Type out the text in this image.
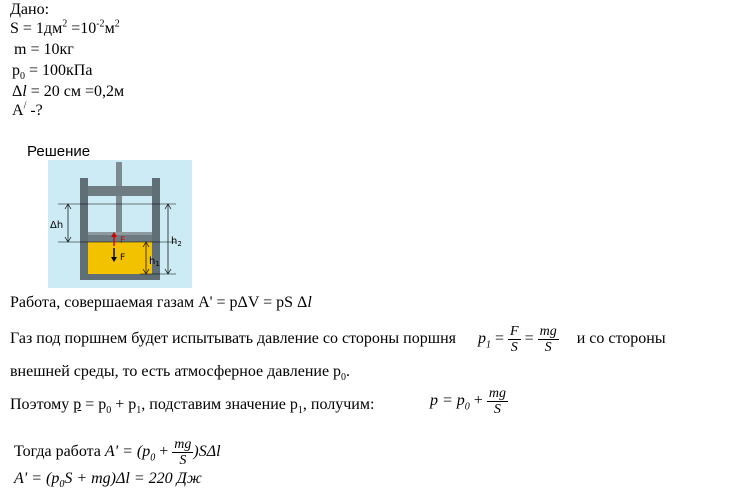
Дано:
$S = 1дм^2 =10^{-2}м^2$
m = 10кг
$p_0 = 100кПа$
Δl = 20 см =0,2м
A/ -?
Решение
Δh
F
F
$h_2$
$h_1$
Работа, совершаемая газам A' = pΔV = pS Δl
Газ под поршнем будет испытывать давление со стороны поршня $p_1 = \frac{F}{S} = \frac{mg}{S}$ и со стороны
внешней среды, то есть атмосферное давление $p_0$.
Поэтому $p = p_0 + p_1$, подставим значение $p_1$, получим:	$p = p_0 + \frac{mg}{S}$
Тогда работа $A' = (p_0 + \frac{mg}{S} )S\Delta l$
$A' = (p_0S + mg)\Delta l = 220$ Дж
